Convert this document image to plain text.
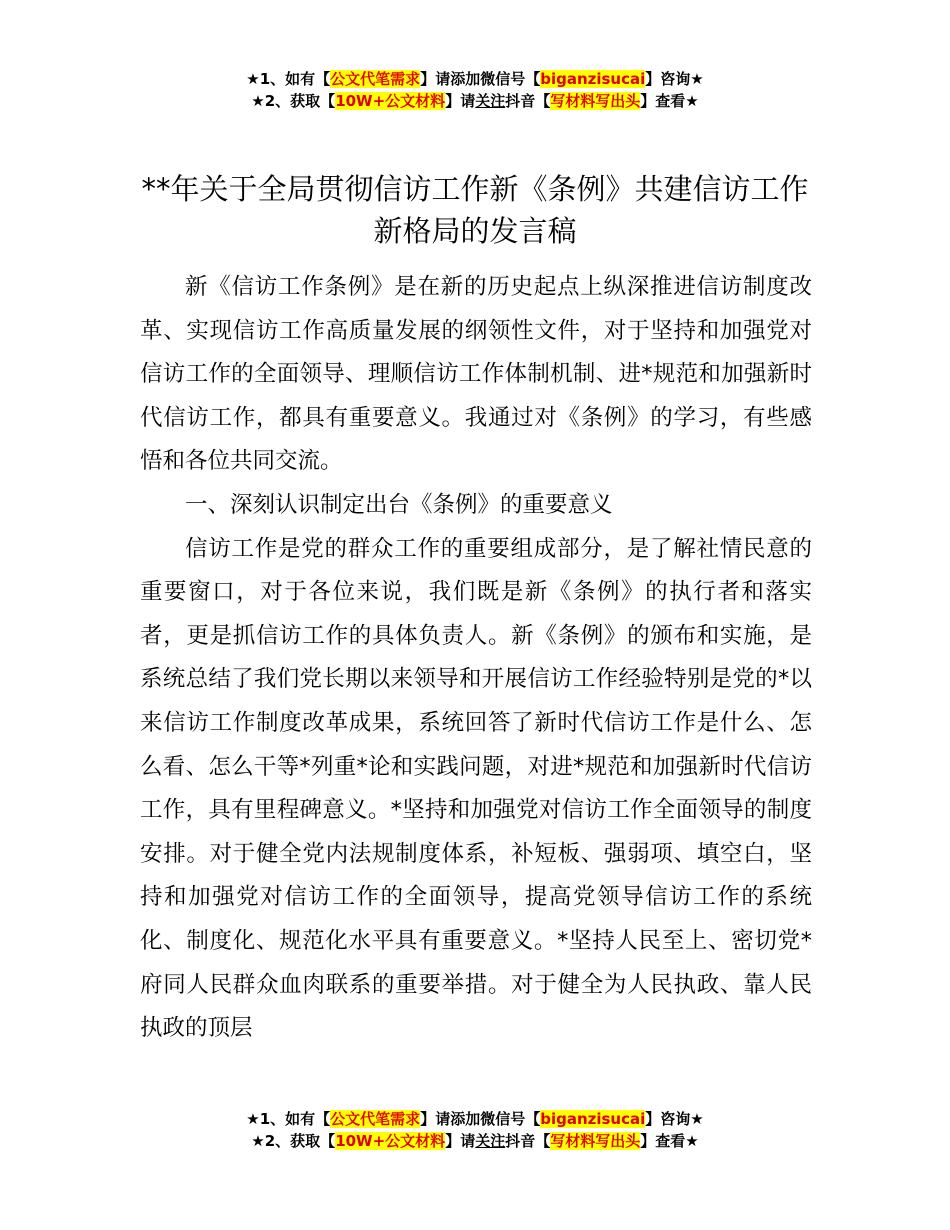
★1、如有【公文代笔需求】请添加微信号【biganzisucai】咨询★
★2、获取【10W+公文材料】请关注抖音【写材料写出头】查看★
**年关于全局贯彻信访工作新《条例》共建信访工作新格局的发言稿

新《信访工作条例》是在新的历史起点上纵深推进信访制度改革、实现信访工作高质量发展的纲领性文件，对于坚持和加强党对信访工作的全面领导、理顺信访工作体制机制、进*规范和加强新时代信访工作，都具有重要意义。我通过对《条例》的学习，有些感悟和各位共同交流。

一、深刻认识制定出台《条例》的重要意义

信访工作是党的群众工作的重要组成部分，是了解社情民意的重要窗口，对于各位来说，我们既是新《条例》的执行者和落实者，更是抓信访工作的具体负责人。新《条例》的颁布和实施，是系统总结了我们党长期以来领导和开展信访工作经验特别是党的*以来信访工作制度改革成果，系统回答了新时代信访工作是什么、怎么看、怎么干等*列重*论和实践问题，对进*规范和加强新时代信访工作，具有里程碑意义。*坚持和加强党对信访工作全面领导的制度安排。对于健全党内法规制度体系，补短板、强弱项、填空白，坚持和加强党对信访工作的全面领导，提高党领导信访工作的系统化、制度化、规范化水平具有重要意义。*坚持人民至上、密切党*府同人民群众血肉联系的重要举措。对于健全为人民执政、靠人民执政的顶层

★1、如有【公文代笔需求】请添加微信号【biganzisucai】咨询★
★2、获取【10W+公文材料】请关注抖音【写材料写出头】查看★
